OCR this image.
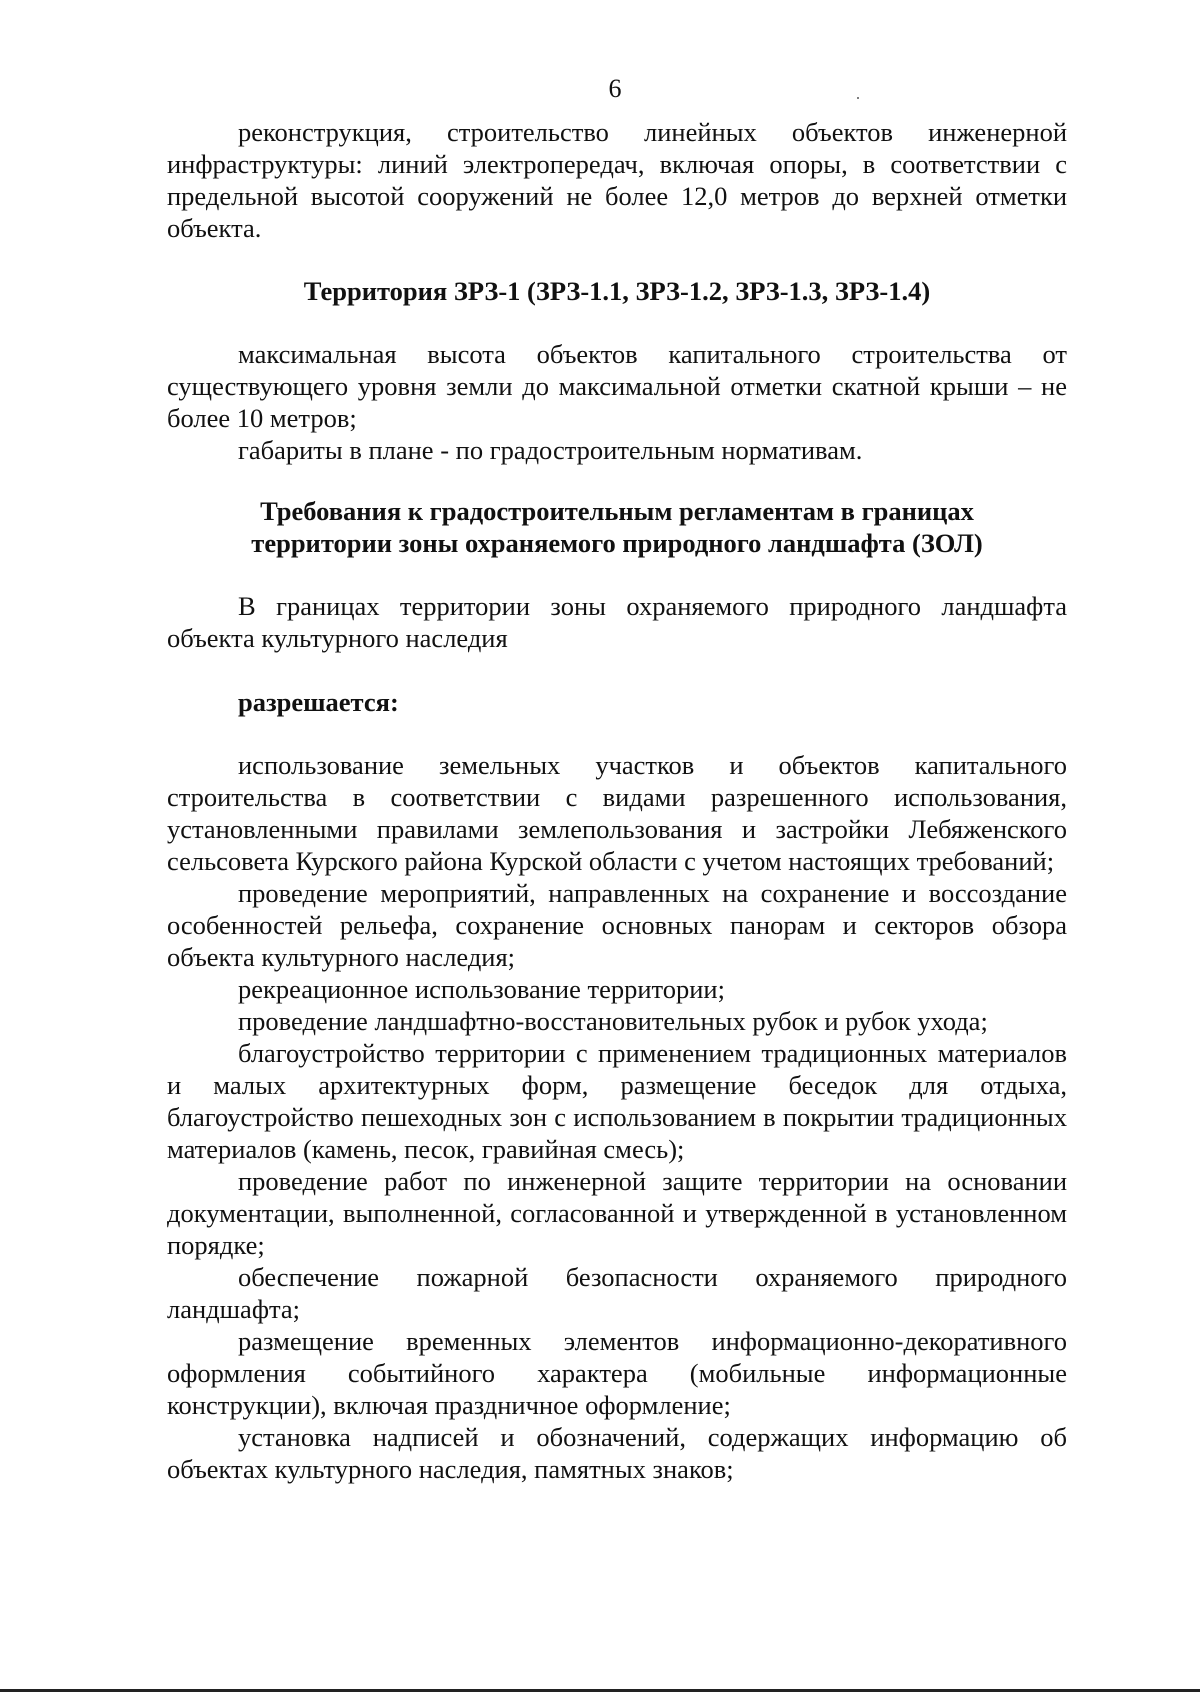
6

реконструкция, строительство линейных объектов инженерной инфраструктуры: линий электропередач, включая опоры, в соответствии с предельной высотой сооружений не более 12,0 метров до верхней отметки объекта.

Территория ЗРЗ-1 (ЗРЗ-1.1, ЗРЗ-1.2, ЗРЗ-1.3, ЗРЗ-1.4)

максимальная высота объектов капитального строительства от существующего уровня земли до максимальной отметки скатной крыши – не более 10 метров;

габариты в плане - по градостроительным нормативам.

Требования к градостроительным регламентам в границах
территории зоны охраняемого природного ландшафта (ЗОЛ)

В границах территории зоны охраняемого природного ландшафта объекта культурного наследия

разрешается:

использование земельных участков и объектов капитального строительства в соответствии с видами разрешенного использования, установленными правилами землепользования и застройки Лебяженского сельсовета Курского района Курской области с учетом настоящих требований;

проведение мероприятий, направленных на сохранение и воссоздание особенностей рельефа, сохранение основных панорам и секторов обзора объекта культурного наследия;

рекреационное использование территории;

проведение ландшафтно-восстановительных рубок и рубок ухода;

благоустройство территории с применением традиционных материалов и малых архитектурных форм, размещение беседок для отдыха, благоустройство пешеходных зон с использованием в покрытии традиционных материалов (камень, песок, гравийная смесь);

проведение работ по инженерной защите территории на основании документации, выполненной, согласованной и утвержденной в установленном порядке;

обеспечение пожарной безопасности охраняемого природного ландшафта;

размещение временных элементов информационно-декоративного оформления событийного характера (мобильные информационные конструкции), включая праздничное оформление;

установка надписей и обозначений, содержащих информацию об объектах культурного наследия, памятных знаков;
